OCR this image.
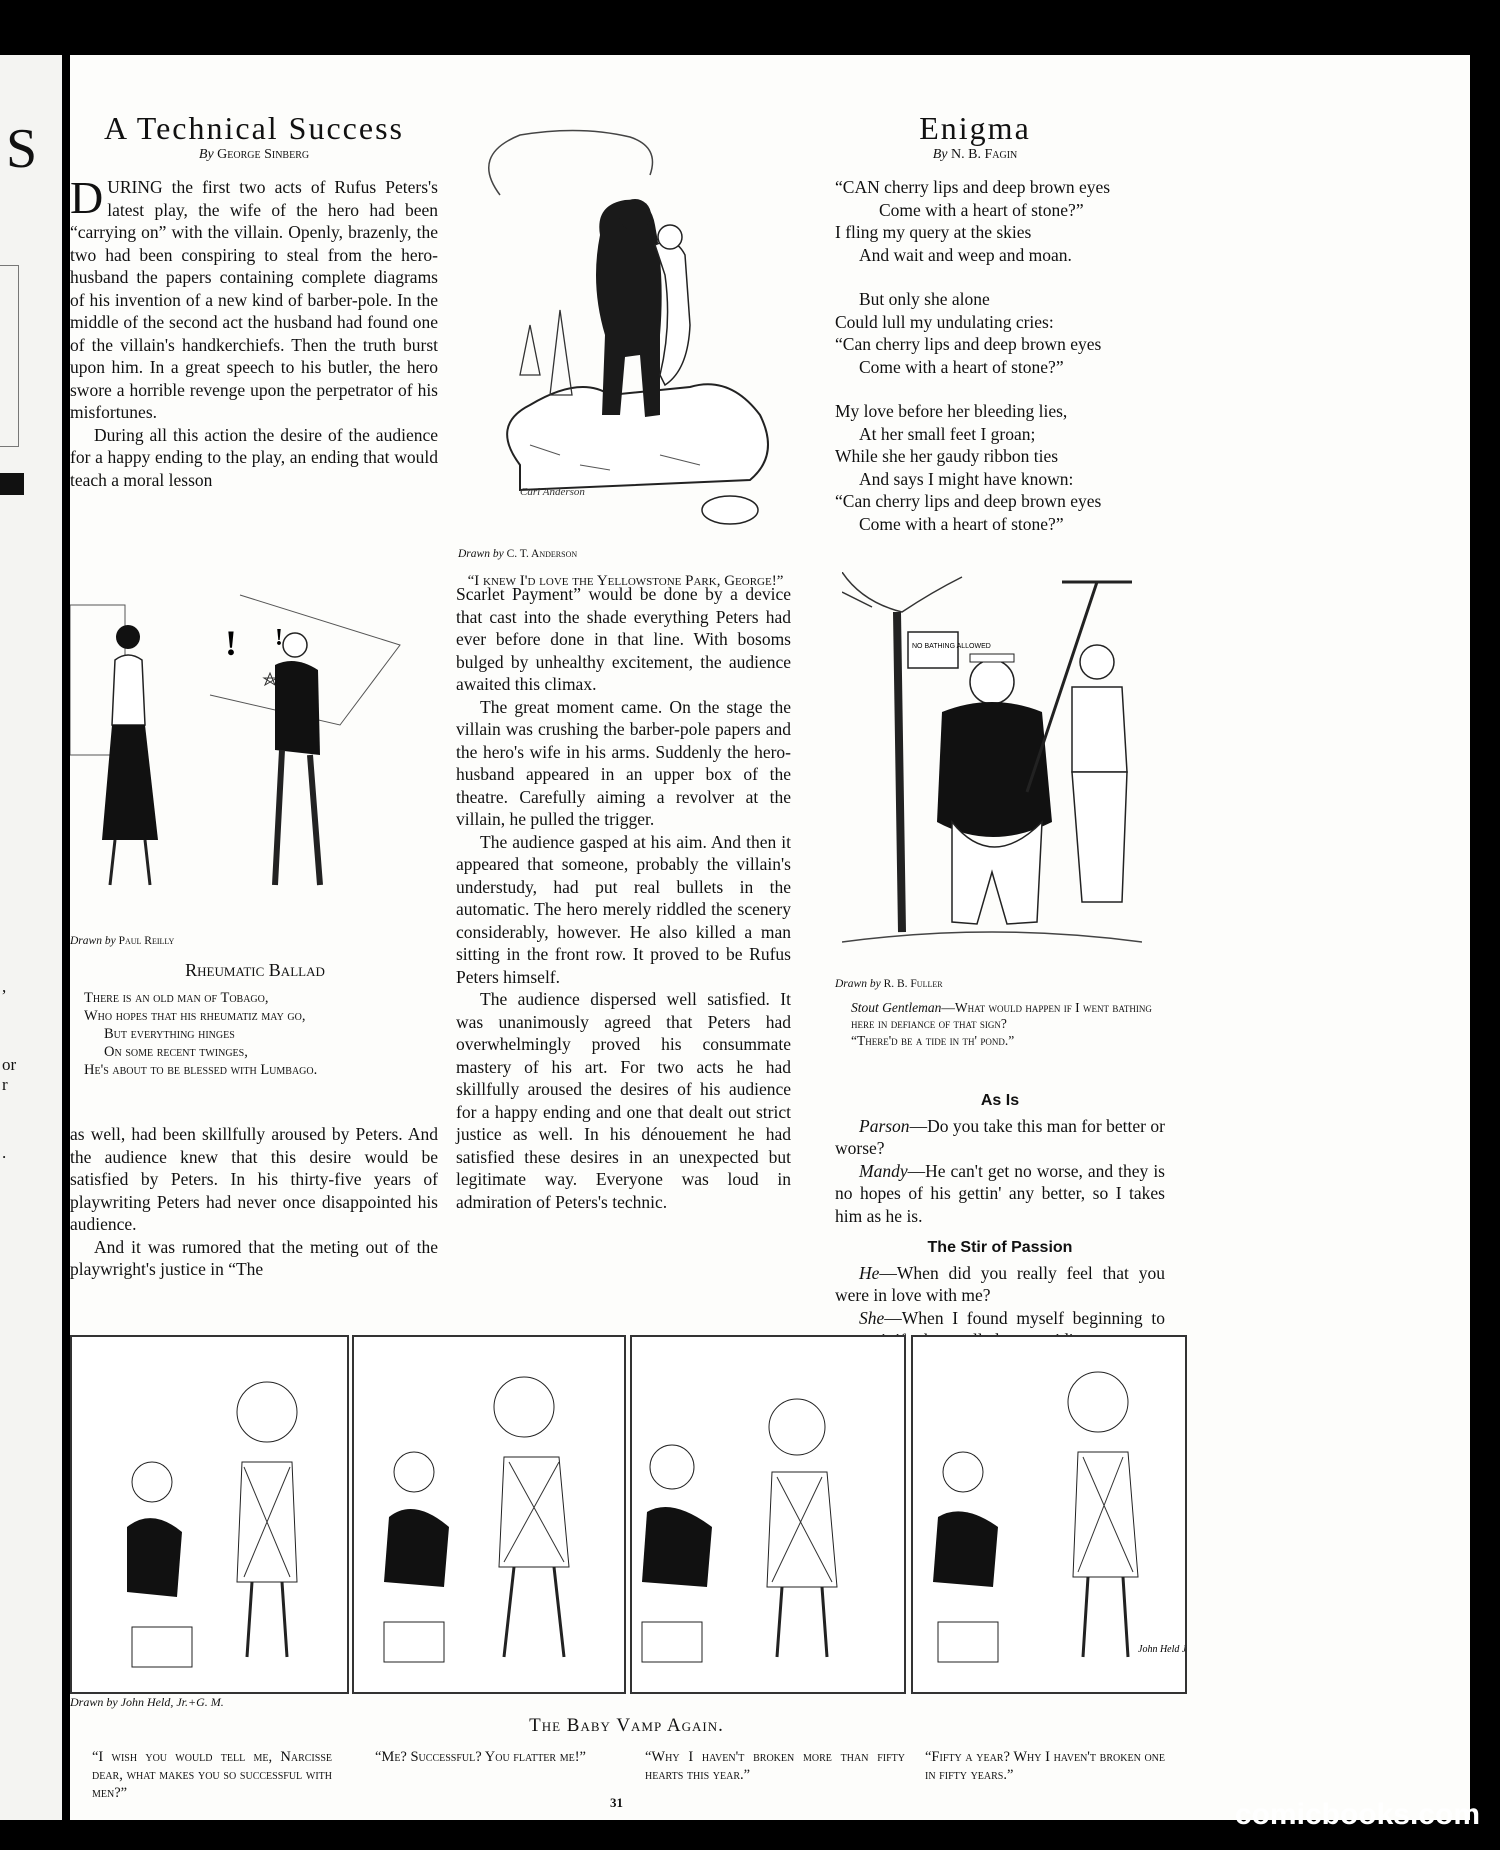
S
,
or
r
.
A Technical Success
By George Sinberg

DURING the first two acts of Rufus Peters's latest play, the wife of the hero had been “carrying on” with the villain. Openly, brazenly, the two had been conspiring to steal from the hero-husband the papers containing complete diagrams of his invention of a new kind of barber-pole. In the middle of the second act the husband had found one of the villain's handkerchiefs. Then the truth burst upon him. In a great speech to his butler, the hero swore a horrible revenge upon the perpetrator of his misfortunes.

During all this action the desire of the audience for a happy ending to the play, an ending that would teach a moral lesson

Carl Anderson
Drawn by C. T. Anderson
“I knew I'd love the Yellowstone Park, George!”
Enigma
By N. B. Fagin
“CAN cherry lips and deep brown eyes
Come with a heart of stone?”
I fling my query at the skies
And wait and weep and moan.
But only she alone
Could lull my undulating cries:
“Can cherry lips and deep brown eyes
Come with a heart of stone?”
My love before her bleeding lies,
At her small feet I groan;
While she her gaudy ribbon ties
And says I might have known:
“Can cherry lips and deep brown eyes
Come with a heart of stone?”
! !
Drawn by Paul Reilly
Rheumatic Ballad
There is an old man of Tobago,
Who hopes that his rheumatiz may go,
But everything hinges
On some recent twinges,
He's about to be blessed with Lumbago.

as well, had been skillfully aroused by Peters. And the audience knew that this desire would be satisfied by Peters. In his thirty-five years of playwriting Peters had never once disappointed his audience.

And it was rumored that the meting out of the playwright's justice in “The

Scarlet Payment” would be done by a device that cast into the shade everything Peters had ever before done in that line. With bosoms bulged by unhealthy excitement, the audience awaited this climax.

The great moment came. On the stage the villain was crushing the barber-pole papers and the hero's wife in his arms. Suddenly the hero-husband appeared in an upper box of the theatre. Carefully aiming a revolver at the villain, he pulled the trigger.

The audience gasped at his aim. And then it appeared that someone, probably the villain's understudy, had put real bullets in the automatic. The hero merely riddled the scenery considerably, however. He also killed a man sitting in the front row. It proved to be Rufus Peters himself.

The audience dispersed well satisfied. It was unanimously agreed that Peters had overwhelmingly proved his consummate mastery of his art. For two acts he had skillfully aroused the desires of his audience for a happy ending and one that dealt out strict justice as well. In his dénouement he had satisfied these desires in an unexpected but legitimate way. Everyone was loud in admiration of Peters's technic.

NO BATHING ALLOWED
Drawn by R. B. Fuller
Stout Gentleman—What would happen if I went bathing here in defiance of that sign?
“There'd be a tide in th' pond.”
As Is

Parson—Do you take this man for better or worse?

Mandy—He can't get no worse, and they is no hopes of his gettin' any better, so I takes him as he is.

The Stir of Passion

He—When did you really feel that you were in love with me?

She—When I found myself beginning to

John Held Jr
Drawn by John Held, Jr.+G. M.
The Baby Vamp Again.
“I wish you would tell me, Narcisse dear, what makes you so successful with men?”
“Me? Successful? You flatter me!”	“Why I haven't broken more than fifty hearts this year.”
“Fifty a year? Why I haven't broken one in fifty years.”
31	comicbooks.com
